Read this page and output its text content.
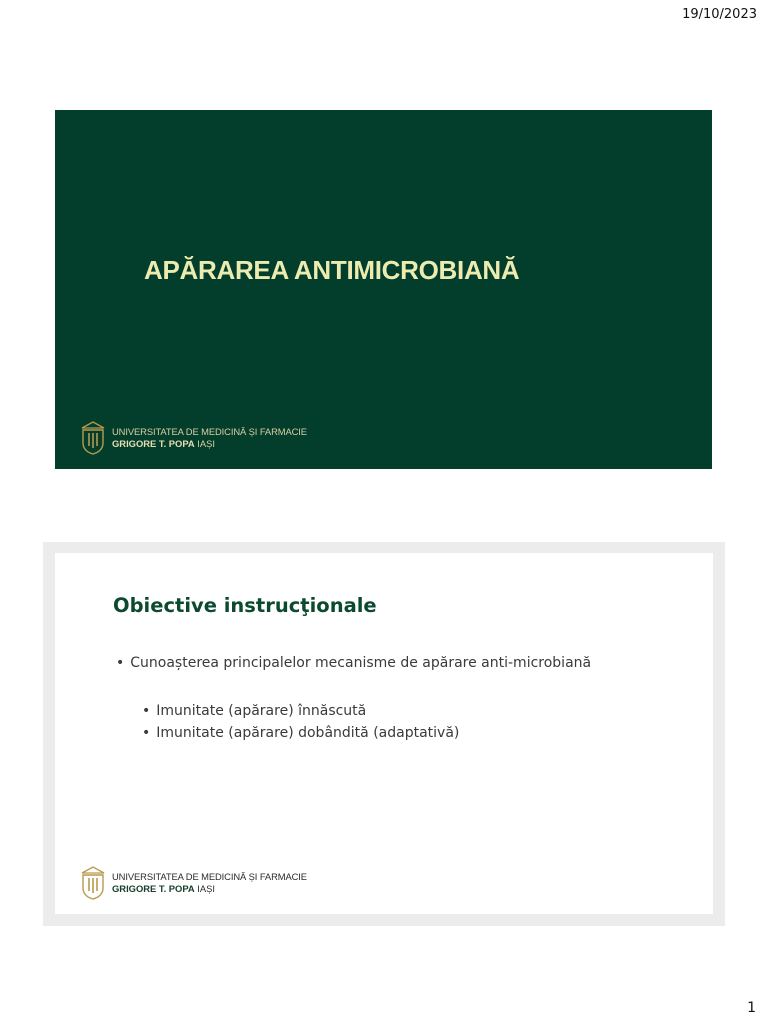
19/10/2023
APĂRAREA ANTIMICROBIANĂ
UNIVERSITATEA DE MEDICINĂ ȘI FARMACIE
GRIGORE T. POPA IAȘI
Obiective instrucţionale
• Cunoașterea principalelor mecanisme de apărare anti-microbiană
• Imunitate (apărare) înnăscută
• Imunitate (apărare) dobândită (adaptativă)
UNIVERSITATEA DE MEDICINĂ ȘI FARMACIE
GRIGORE T. POPA IAȘI
1
